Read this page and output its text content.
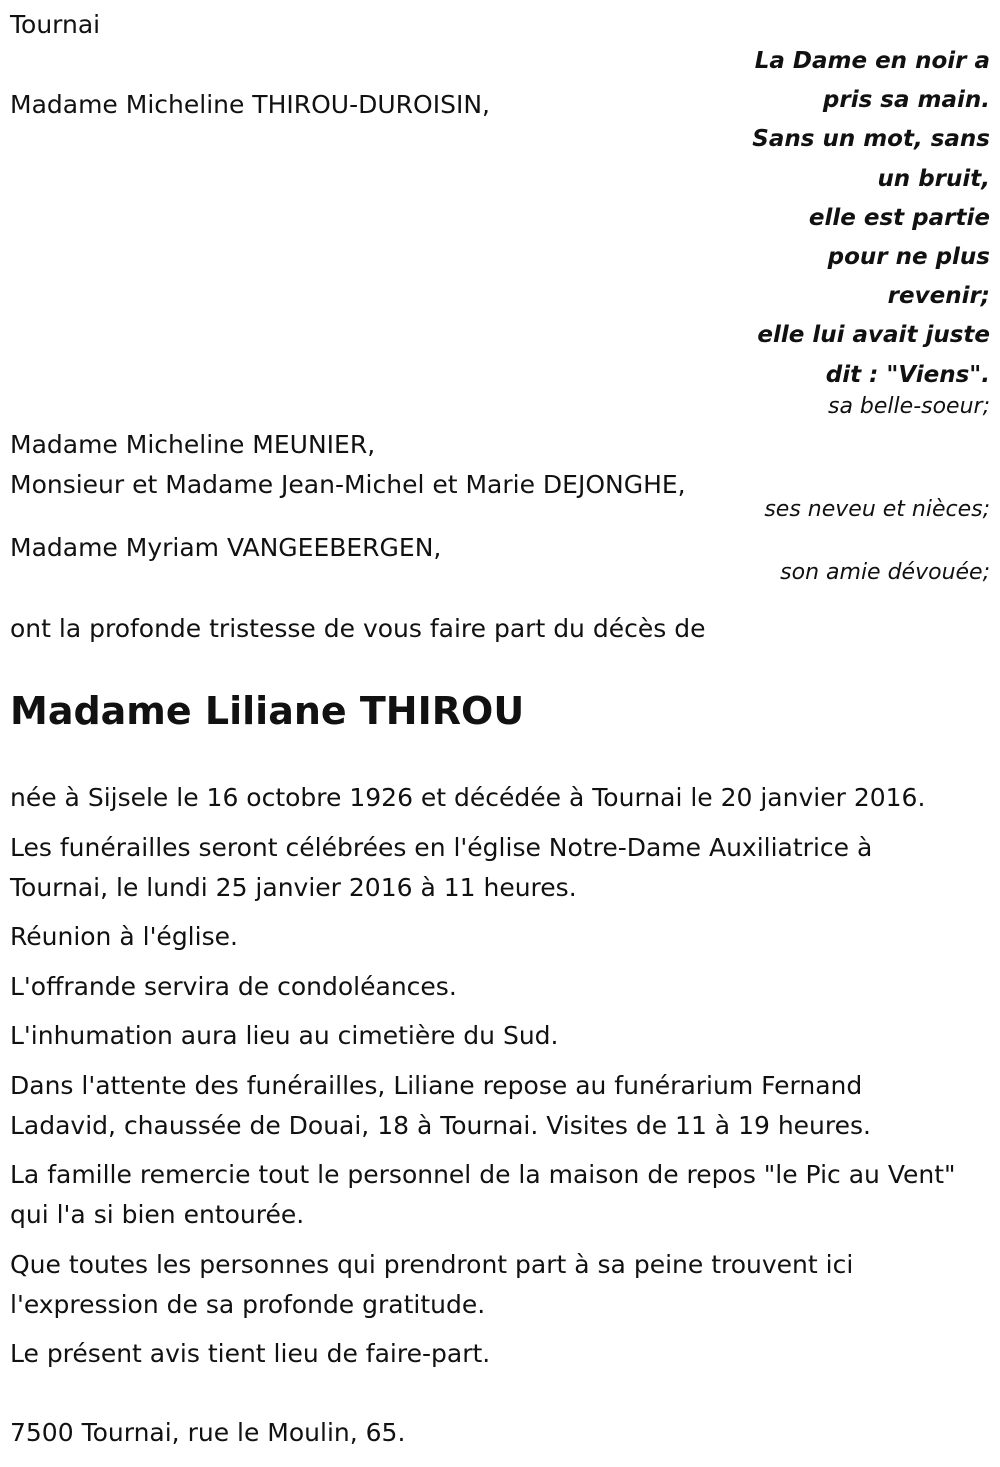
Tournai
La Dame en noir a
pris sa main.
Sans un mot, sans
un bruit,
elle est partie
pour ne plus
revenir;
elle lui avait juste
dit : "Viens".
Madame Micheline THIROU-DUROISIN,
sa belle-soeur;
Madame Micheline MEUNIER,
Monsieur et Madame Jean-Michel et Marie DEJONGHE,
ses neveu et nièces;
Madame Myriam VANGEEBERGEN,
son amie dévouée;
ont la profonde tristesse de vous faire part du décès de
Madame Liliane THIROU

née à Sijsele le 16 octobre 1926 et décédée à Tournai le 20 janvier 2016.

Les funérailles seront célébrées en l'église Notre-Dame Auxiliatrice à Tournai, le lundi 25 janvier 2016 à 11 heures.

Réunion à l'église.

L'offrande servira de condoléances.

L'inhumation aura lieu au cimetière du Sud.

Dans l'attente des funérailles, Liliane repose au funérarium Fernand Ladavid, chaussée de Douai, 18 à Tournai. Visites de 11 à 19 heures.

La famille remercie tout le personnel de la maison de repos "le Pic au Vent" qui l'a si bien entourée.

Que toutes les personnes qui prendront part à sa peine trouvent ici l'expression de sa profonde gratitude.

Le présent avis tient lieu de faire-part.

7500 Tournai, rue le Moulin, 65.
